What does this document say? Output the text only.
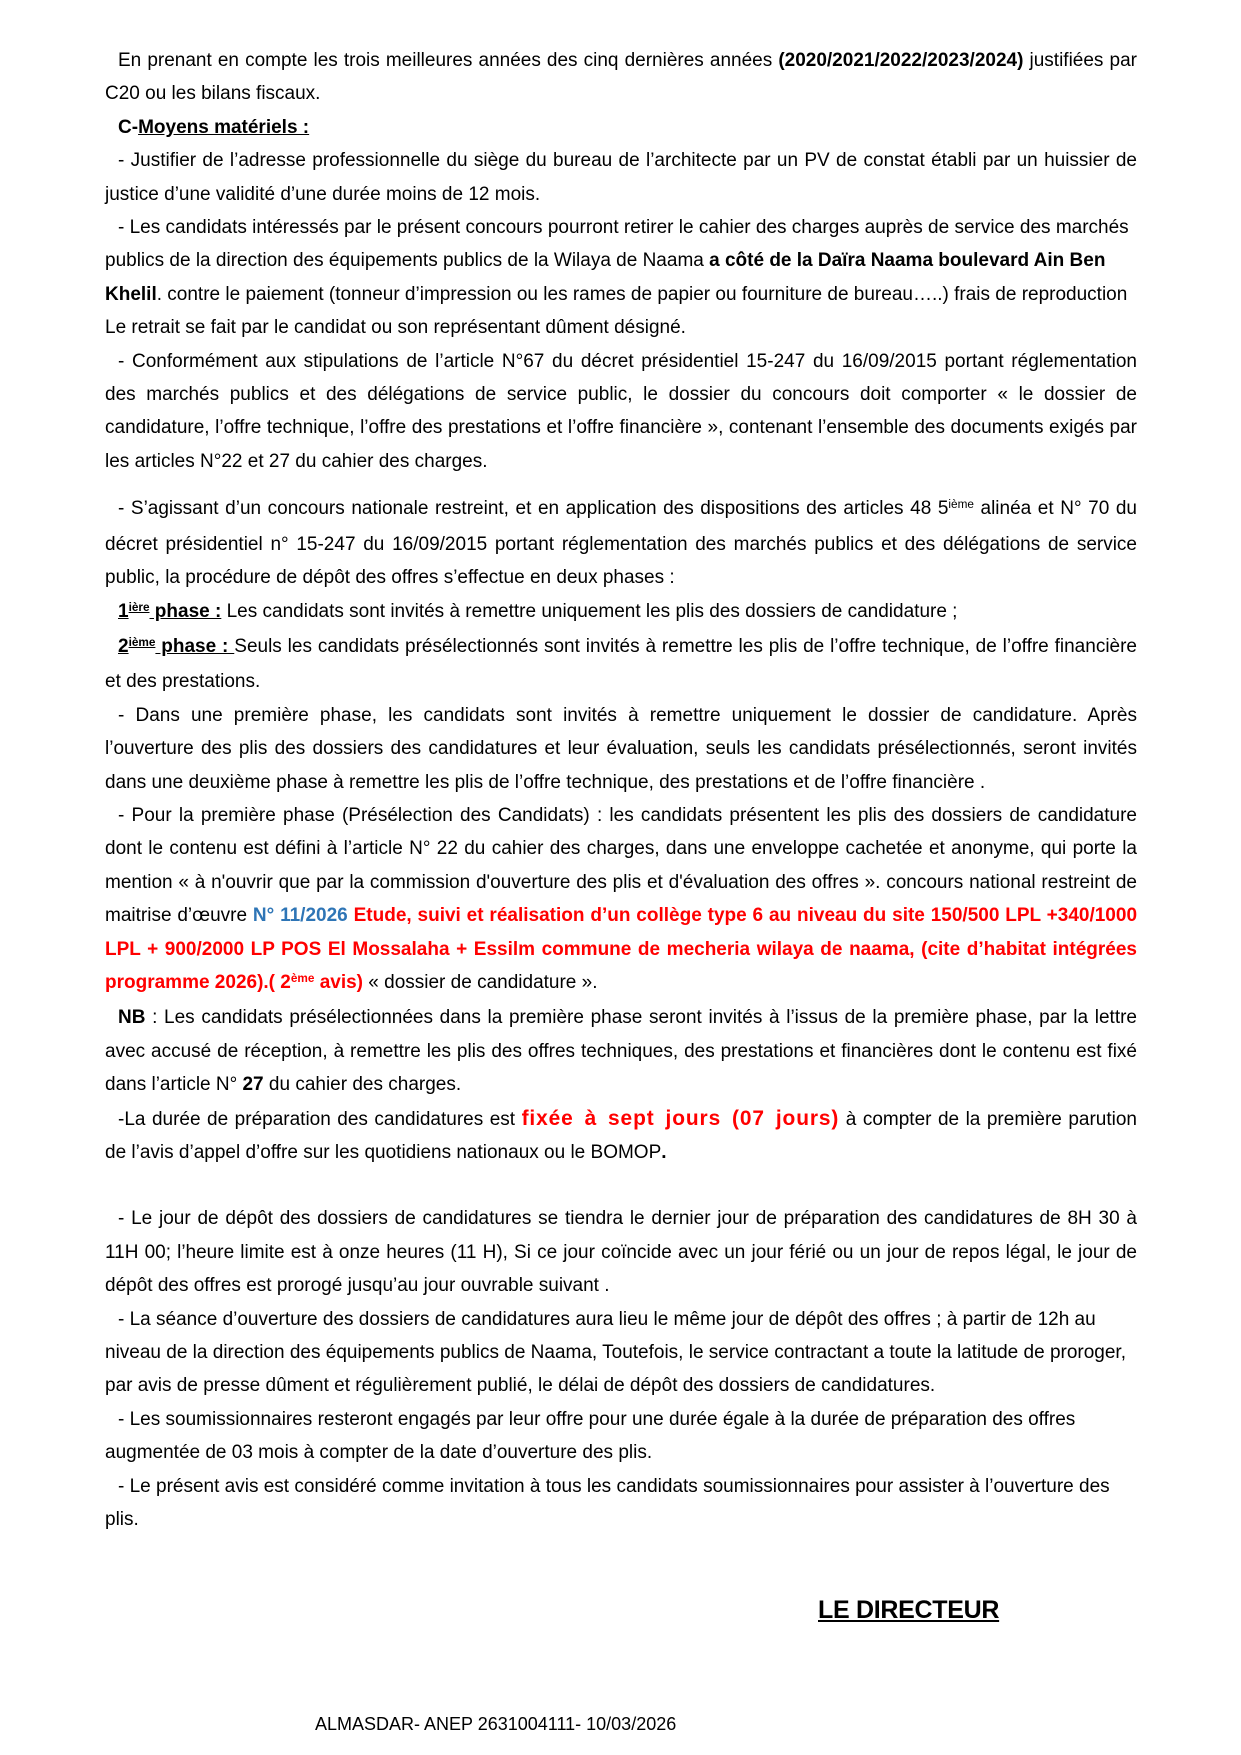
En prenant en compte les trois meilleures années des cinq dernières années (2020/2021/2022/2023/2024) justifiées par C20 ou les bilans fiscaux.
C-Moyens matériels :
- Justifier de l’adresse professionnelle du siège du bureau de l’architecte par un PV de constat établi par un huissier de justice d’une validité d’une durée moins de 12 mois.
- Les candidats intéressés par le présent concours pourront retirer le cahier des charges auprès de service des marchés publics de la direction des équipements publics de la Wilaya de Naama a côté de la Daïra Naama boulevard Ain Ben Khelil. contre le paiement (tonneur d’impression ou les rames de papier ou fourniture de bureau…..) frais de reproduction Le retrait se fait par le candidat ou son représentant dûment désigné.
- Conformément aux stipulations de l’article N°67 du décret présidentiel 15-247 du 16/09/2015 portant réglementation des marchés publics et des délégations de service public, le dossier du concours doit comporter « le dossier de candidature, l’offre technique, l’offre des prestations et l’offre financière », contenant l’ensemble des documents exigés par les articles N°22 et 27 du cahier des charges.
- S’agissant d’un concours nationale restreint, et en application des dispositions des articles 48 5ième alinéa et N° 70 du décret présidentiel n° 15-247 du 16/09/2015 portant réglementation des marchés publics et des délégations de service public, la procédure de dépôt des offres s’effectue en deux phases :
$1^{ière}$ phase : Les candidats sont invités à remettre uniquement les plis des dossiers de candidature ;
2ième phase : Seuls les candidats présélectionnés sont invités à remettre les plis de l’offre technique, de l’offre financière et des prestations.
- Dans une première phase, les candidats sont invités à remettre uniquement le dossier de candidature. Après l’ouverture des plis des dossiers des candidatures et leur évaluation, seuls les candidats présélectionnés, seront invités dans une deuxième phase à remettre les plis de l’offre technique, des prestations et de l’offre financière .
- Pour la première phase (Présélection des Candidats) : les candidats présentent les plis des dossiers de candidature dont le contenu est défini à l’article N° 22 du cahier des charges, dans une enveloppe cachetée et anonyme, qui porte la mention « à n'ouvrir que par la commission d'ouverture des plis et d'évaluation des offres ». concours national restreint de maitrise d’œuvre N° 11/2026 Etude, suivi et réalisation d’un collège type 6 au niveau du site 150/500 LPL +340/1000 LPL + 900/2000 LP POS El Mossalaha + Essilm commune de mecheria wilaya de naama, (cite d’habitat intégrées programme 2026).( 2ème avis) « dossier de candidature ».
NB : Les candidats présélectionnées dans la première phase seront invités à l’issus de la première phase, par la lettre avec accusé de réception, à remettre les plis des offres techniques, des prestations et financières dont le contenu est fixé dans l’article N° 27 du cahier des charges.
-La durée de préparation des candidatures est fixée à sept jours (07 jours) à compter de la première parution de l’avis d’appel d’offre sur les quotidiens nationaux ou le BOMOP.
- Le jour de dépôt des dossiers de candidatures se tiendra le dernier jour de préparation des candidatures de 8H 30 à 11H 00; l’heure limite est à onze heures (11 H), Si ce jour coïncide avec un jour férié ou un jour de repos légal, le jour de dépôt des offres est prorogé jusqu’au jour ouvrable suivant .
- La séance d’ouverture des dossiers de candidatures aura lieu le même jour de dépôt des offres ; à partir de 12h au niveau de la direction des équipements publics de Naama, Toutefois, le service contractant a toute la latitude de proroger, par avis de presse dûment et régulièrement publié, le délai de dépôt des dossiers de candidatures.
- Les soumissionnaires resteront engagés par leur offre pour une durée égale à la durée de préparation des offres augmentée de 03 mois à compter de la date d’ouverture des plis.
- Le présent avis est considéré comme invitation à tous les candidats soumissionnaires pour assister à l’ouverture des plis.
LE DIRECTEUR
ALMASDAR- ANEP 2631004111- 10/03/2026
